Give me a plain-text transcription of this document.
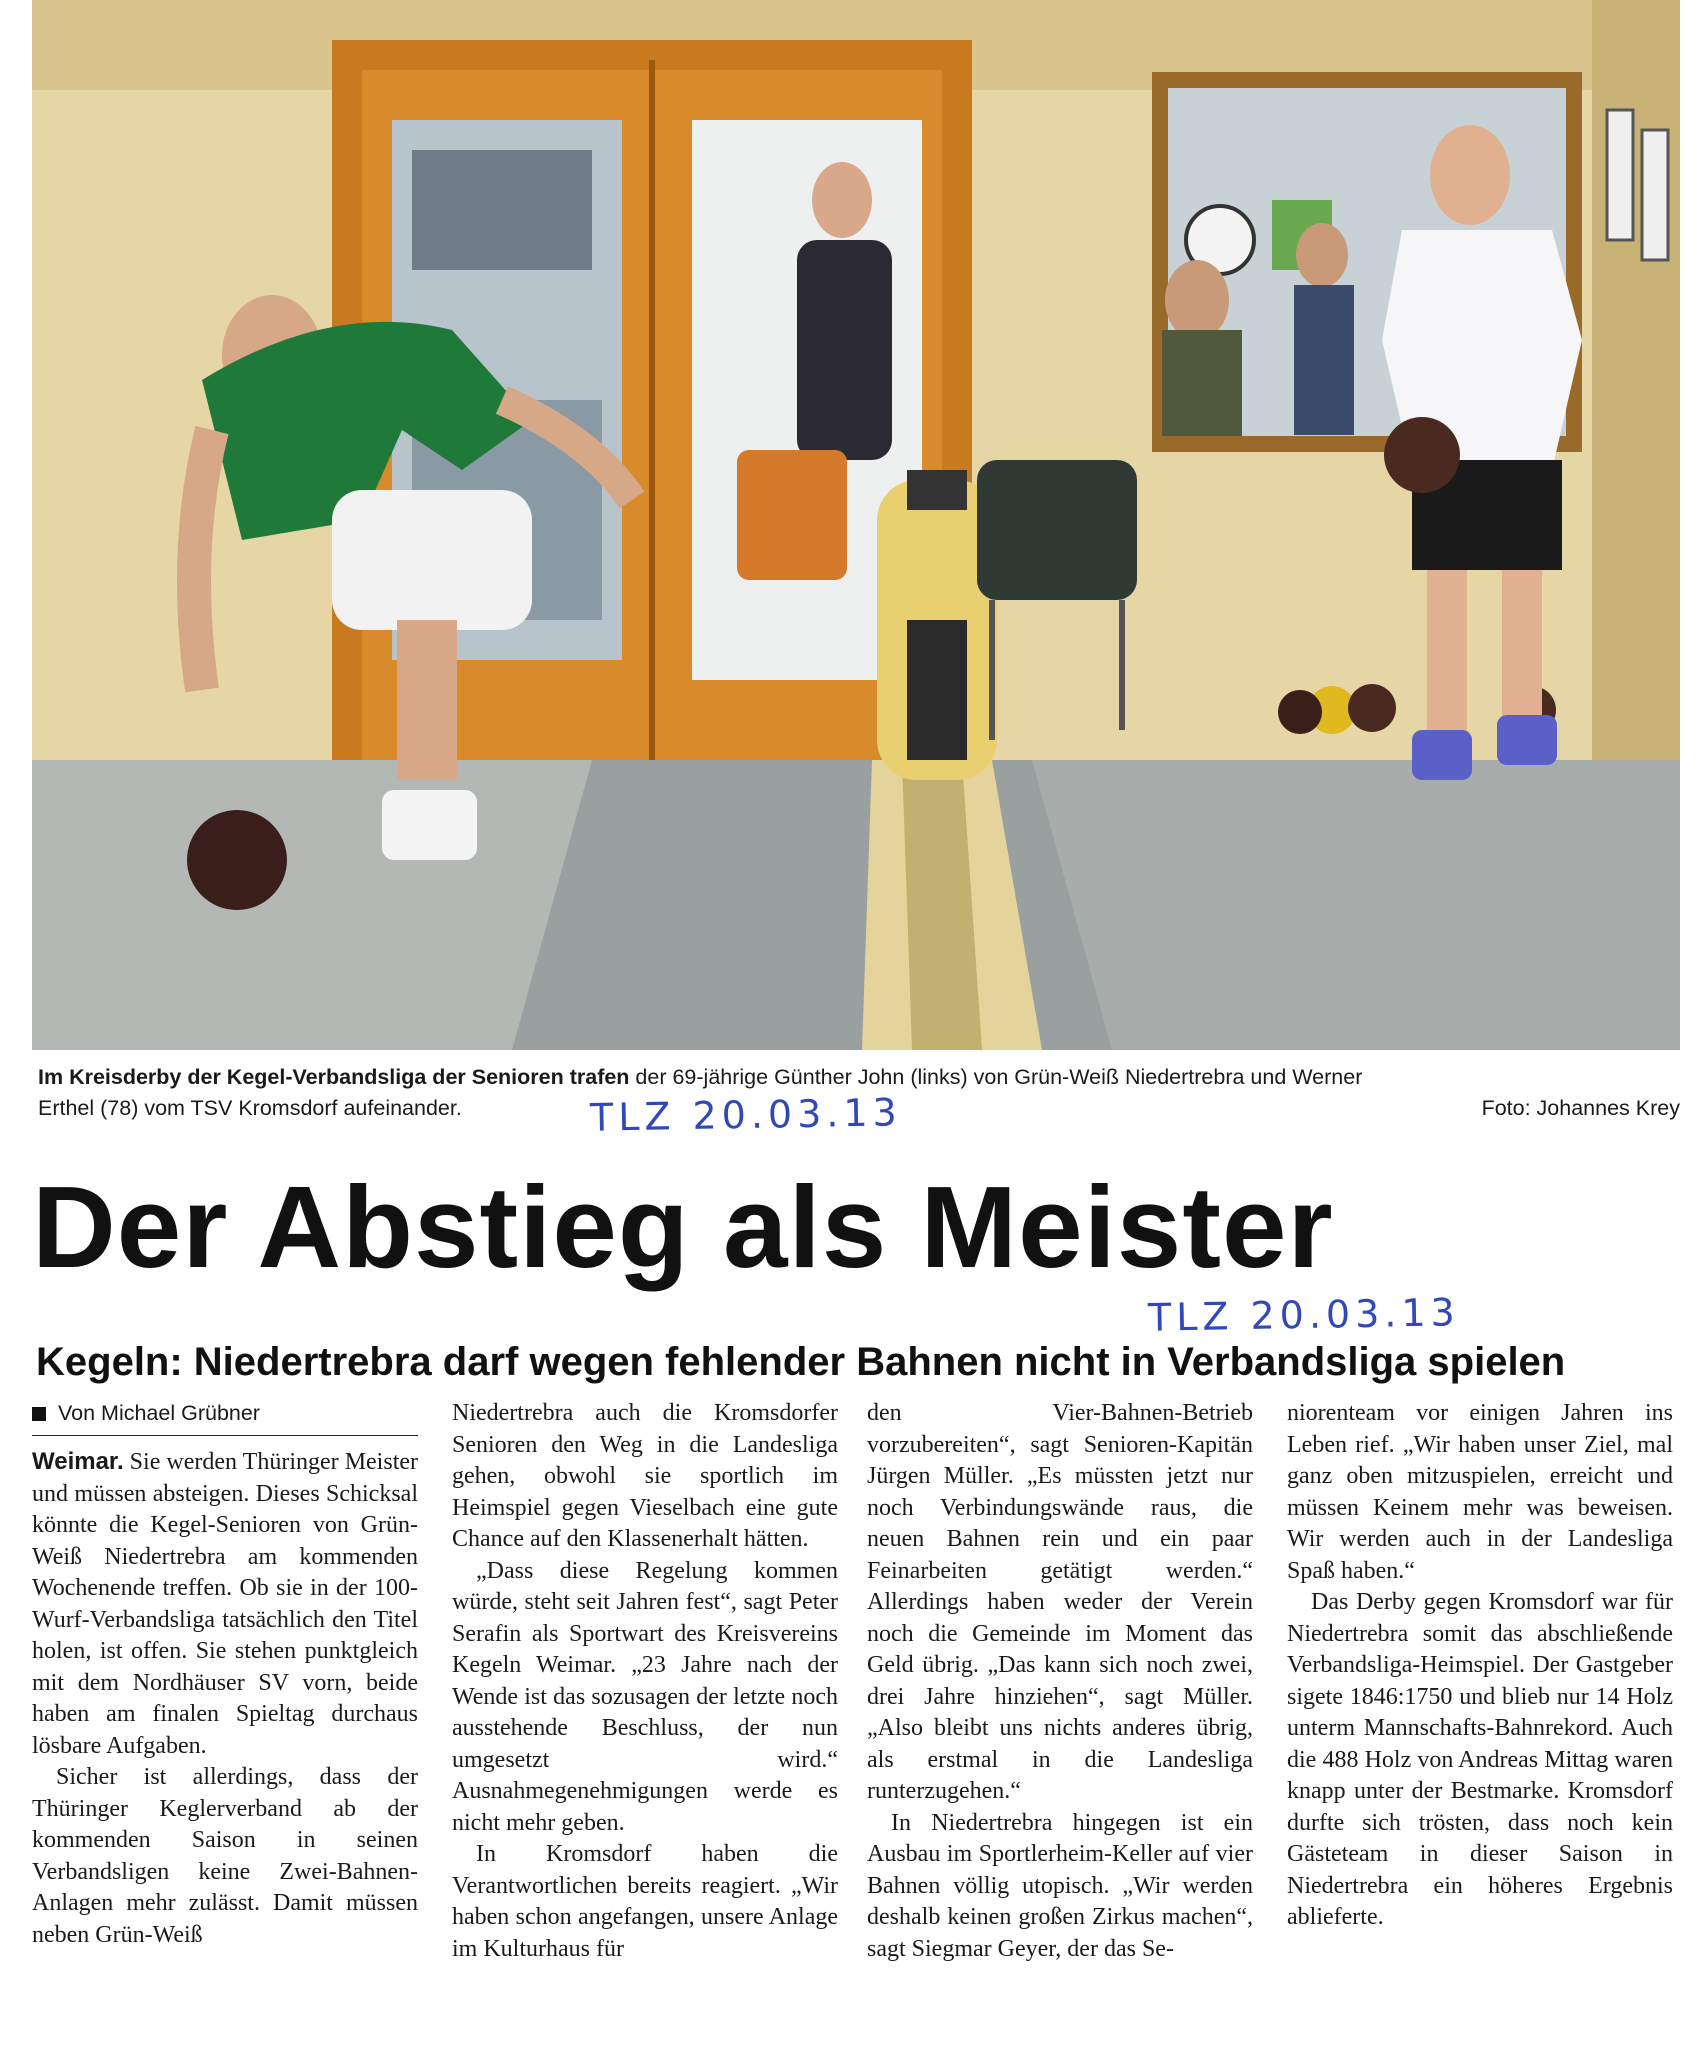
Im Kreisderby der Kegel-Verbandsliga der Senioren trafen der 69-jährige Günther John (links) von Grün-Weiß Niedertrebra und Werner
Erthel (78) vom TSV Kromsdorf aufeinander.	Foto: Johannes Krey
TLZ 20.03.13
TLZ 20.03.13
Der Abstieg als Meister
Kegeln: Niedertrebra darf wegen fehlender Bahnen nicht in Verbandsliga spielen
Von Michael Grübner

Weimar. Sie werden Thüringer Meister und müssen absteigen. Dieses Schicksal könnte die Kegel-Senioren von Grün-Weiß Niedertrebra am kommenden Wochenende treffen. Ob sie in der 100-Wurf-Verbandsliga tatsächlich den Titel holen, ist offen. Sie stehen punktgleich mit dem Nordhäuser SV vorn, beide haben am finalen Spieltag durchaus lösbare Aufgaben.

Sicher ist allerdings, dass der Thüringer Keglerverband ab der kommenden Saison in seinen Verbandsligen keine Zwei-Bahnen-Anlagen mehr zulässt. Damit müssen neben Grün-Weiß

Niedertrebra auch die Kromsdorfer Senioren den Weg in die Landesliga gehen, obwohl sie sportlich im Heimspiel gegen Vieselbach eine gute Chance auf den Klassenerhalt hätten.

„Dass diese Regelung kommen würde, steht seit Jahren fest“, sagt Peter Serafin als Sportwart des Kreisvereins Kegeln Weimar. „23 Jahre nach der Wende ist das sozusagen der letzte noch ausstehende Beschluss, der nun umgesetzt wird.“ Ausnahmegenehmigungen werde es nicht mehr geben.

In Kromsdorf haben die Verantwortlichen bereits reagiert. „Wir haben schon angefangen, unsere Anlage im Kulturhaus für

den Vier-Bahnen-Betrieb vorzubereiten“, sagt Senioren-Kapitän Jürgen Müller. „Es müssten jetzt nur noch Verbindungswände raus, die neuen Bahnen rein und ein paar Feinarbeiten getätigt werden.“ Allerdings haben weder der Verein noch die Gemeinde im Moment das Geld übrig. „Das kann sich noch zwei, drei Jahre hinziehen“, sagt Müller. „Also bleibt uns nichts anderes übrig, als erstmal in die Landesliga runterzugehen.“

In Niedertrebra hingegen ist ein Ausbau im Sportlerheim-Keller auf vier Bahnen völlig utopisch. „Wir werden deshalb keinen großen Zirkus machen“, sagt Siegmar Geyer, der das Se-

niorenteam vor einigen Jahren ins Leben rief. „Wir haben unser Ziel, mal ganz oben mitzuspielen, erreicht und müssen Keinem mehr was beweisen. Wir werden auch in der Landesliga Spaß haben.“

Das Derby gegen Kromsdorf war für Niedertrebra somit das abschließende Verbandsliga-Heimspiel. Der Gastgeber sigete 1846:1750 und blieb nur 14 Holz unterm Mannschafts-Bahnrekord. Auch die 488 Holz von Andreas Mittag waren knapp unter der Bestmarke. Kromsdorf durfte sich trösten, dass noch kein Gästeteam in dieser Saison in Niedertrebra ein höheres Ergebnis ablieferte.
